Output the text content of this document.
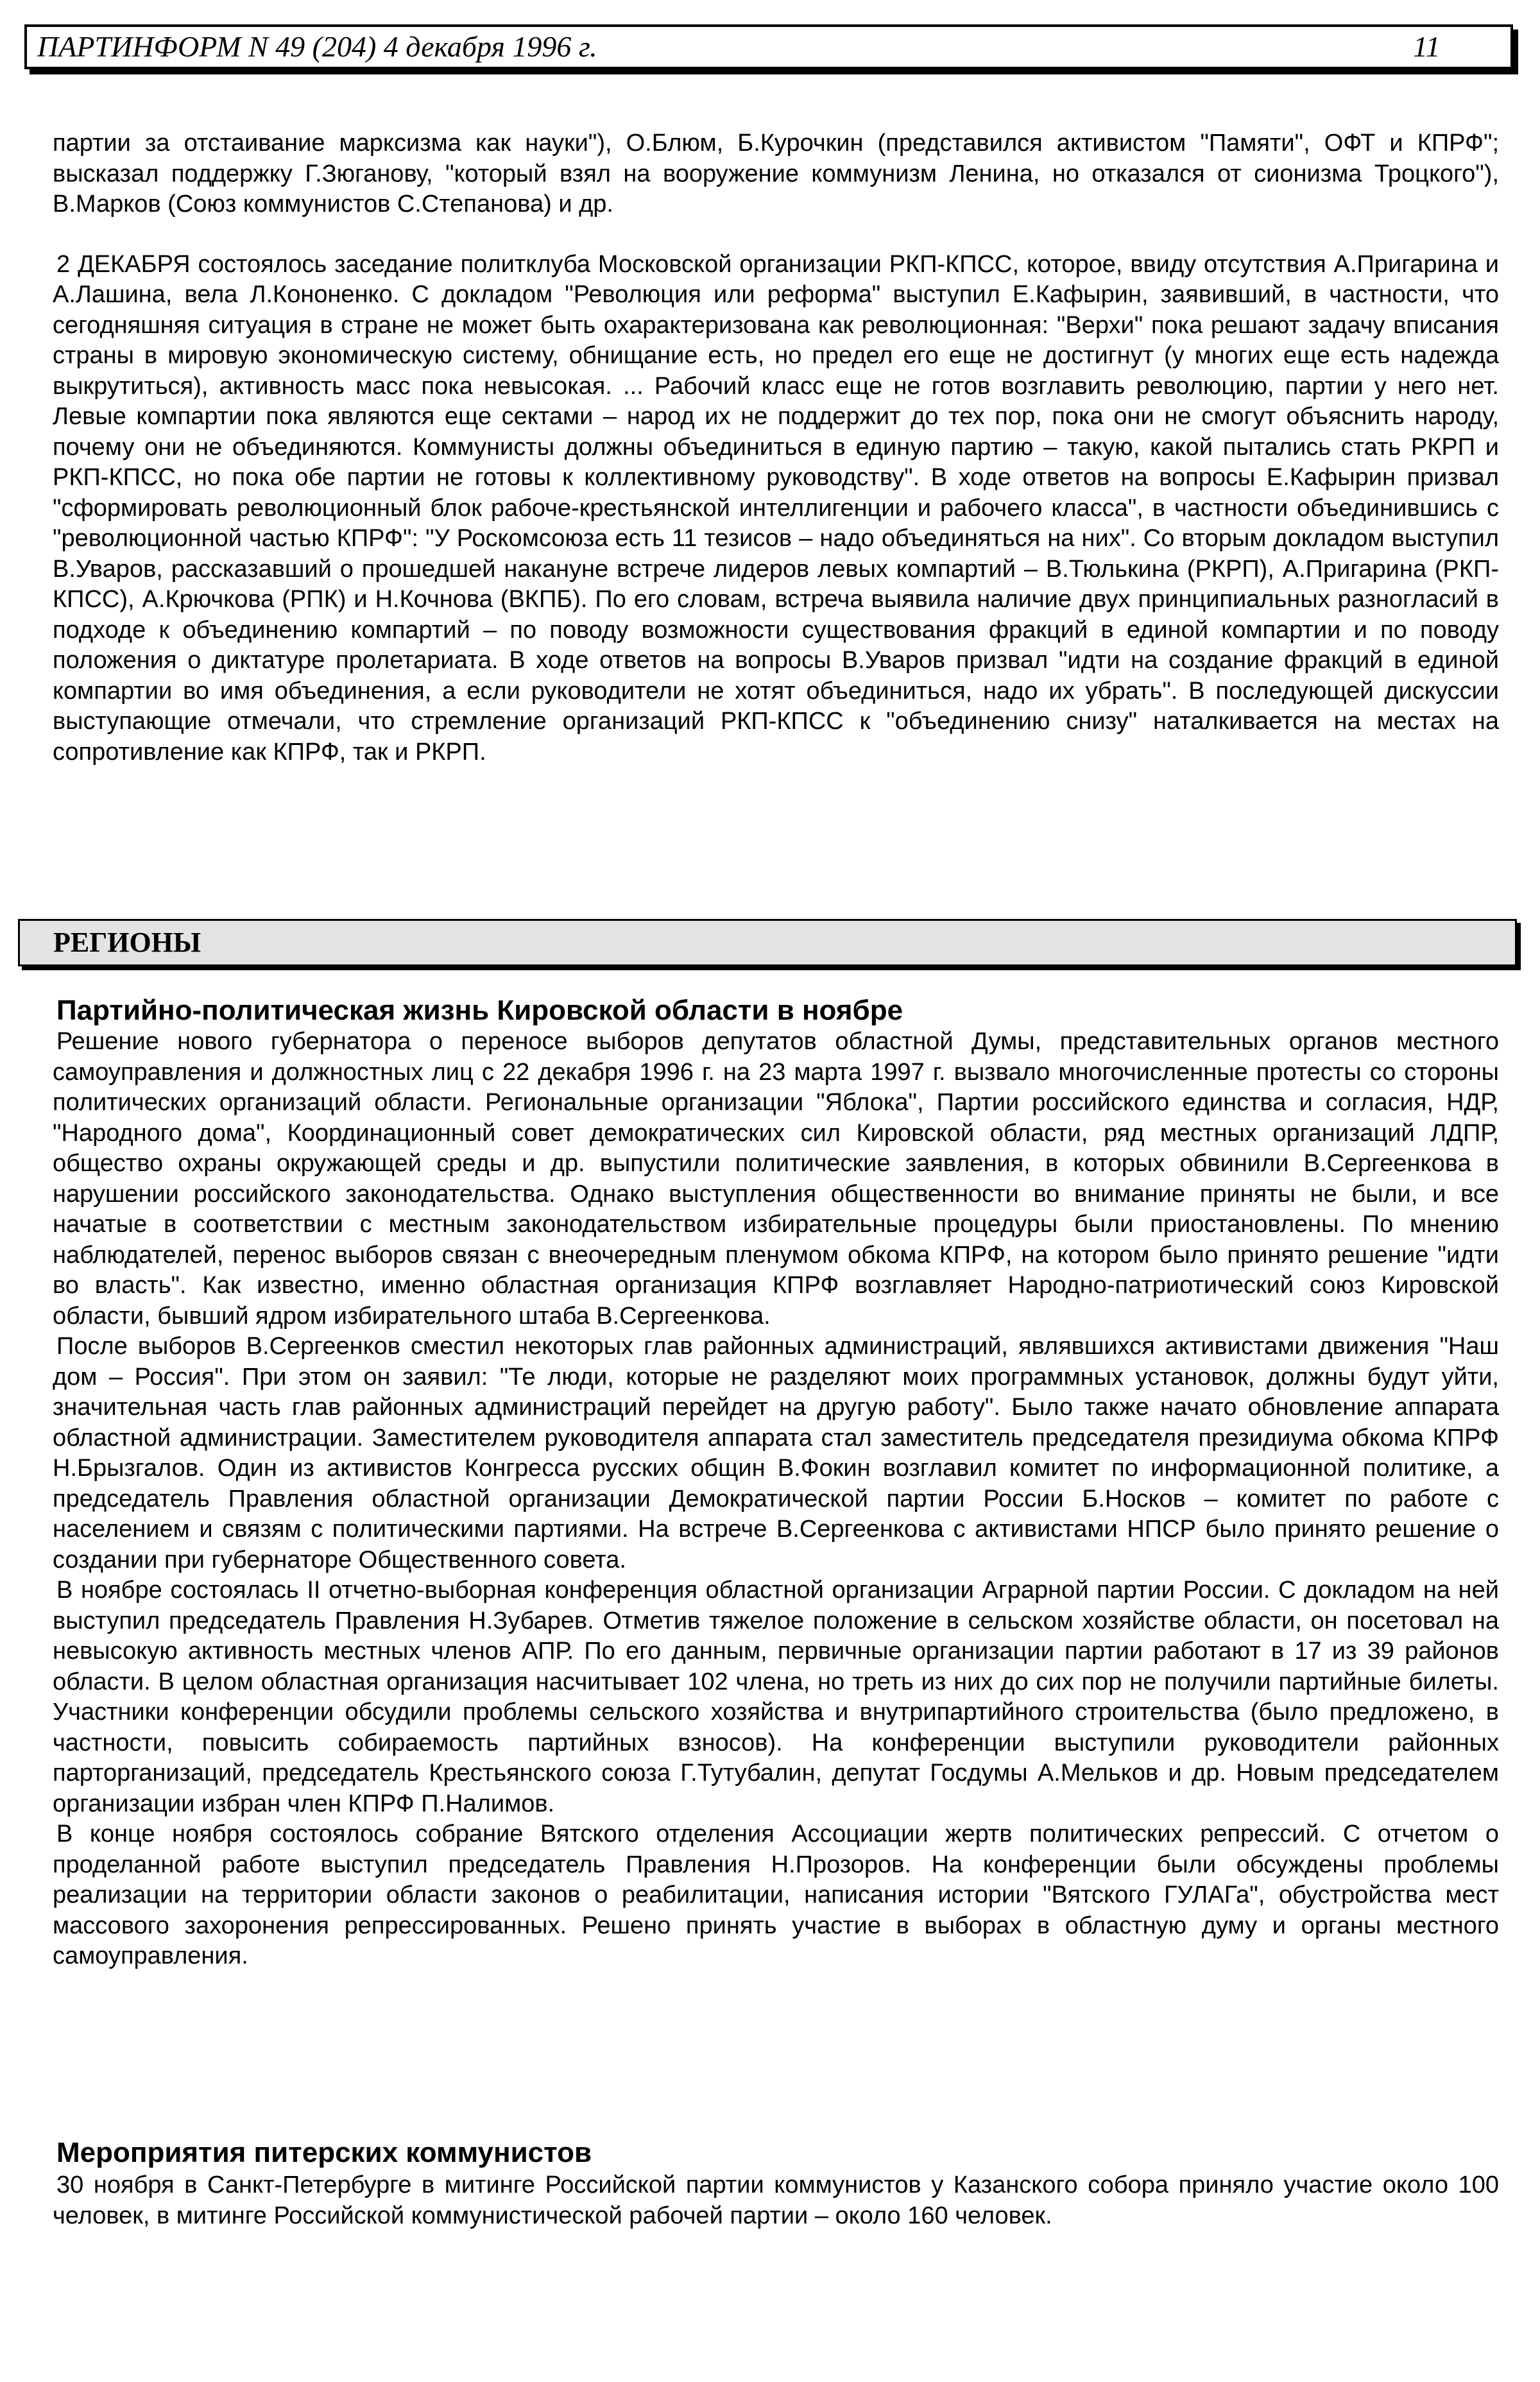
ПАРТИНФОРМ N 49 (204) 4 декабря 1996 г.	11

партии за отстаивание марксизма как науки"), О.Блюм, Б.Курочкин (представился активистом "Памяти", ОФТ и КПРФ"; высказал поддержку Г.Зюганову, "который взял на вооружение коммунизм Ленина, но отказался от сионизма Троцкого"), В.Марков (Союз коммунистов С.Степанова) и др.

2 ДЕКАБРЯ состоялось заседание политклуба Московской организации РКП-КПСС, которое, ввиду отсутствия А.Пригарина и А.Лашина, вела Л.Кононенко. С докладом "Революция или реформа" выступил Е.Кафырин, заявивший, в частности, что сегодняшняя ситуация в стране не может быть охарактеризована как революционная: "Верхи" пока решают задачу вписания страны в мировую экономическую систему, обнищание есть, но предел его еще не достигнут (у многих еще есть надежда выкрутиться), активность масс пока невысокая. ... Рабочий класс еще не готов возглавить революцию, партии у него нет. Левые компартии пока являются еще сектами – народ их не поддержит до тех пор, пока они не смогут объяснить народу, почему они не объединяются. Коммунисты должны объединиться в единую партию – такую, какой пытались стать РКРП и РКП-КПСС, но пока обе партии не готовы к коллективному руководству". В ходе ответов на вопросы Е.Кафырин призвал "сформировать революционный блок рабоче-крестьянской интеллигенции и рабочего класса", в частности объединившись с "революционной частью КПРФ": "У Роскомсоюза есть 11 тезисов – надо объединяться на них". Со вторым докладом выступил В.Уваров, рассказавший о прошедшей накануне встрече лидеров левых компартий – В.Тюлькина (РКРП), А.Пригарина (РКП-КПСС), А.Крючкова (РПК) и Н.Кочнова (ВКПБ). По его словам, встреча выявила наличие двух принципиальных разногласий в подходе к объединению компартий – по поводу возможности существования фракций в единой компартии и по поводу положения о диктатуре пролетариата. В ходе ответов на вопросы В.Уваров призвал "идти на создание фракций в единой компартии во имя объединения, а если руководители не хотят объединиться, надо их убрать". В последующей дискуссии выступающие отмечали, что стремление организаций РКП-КПСС к "объединению снизу" наталкивается на местах на сопротивление как КПРФ, так и РКРП.

РЕГИОНЫ
Партийно-политическая жизнь Кировской области в ноябре

Решение нового губернатора о переносе выборов депутатов областной Думы, представительных органов местного самоуправления и должностных лиц с 22 декабря 1996 г. на 23 марта 1997 г. вызвало многочисленные протесты со стороны политических организаций области. Региональные организации "Яблока", Партии российского единства и согласия, НДР, "Народного дома", Координационный совет демократических сил Кировской области, ряд местных организаций ЛДПР, общество охраны окружающей среды и др. выпустили политические заявления, в которых обвинили В.Сергеенкова в нарушении российского законодательства. Однако выступления общественности во внимание приняты не были, и все начатые в соответствии с местным законодательством избирательные процедуры были приостановлены. По мнению наблюдателей, перенос выборов связан с внеочередным пленумом обкома КПРФ, на котором было принято решение "идти во власть". Как известно, именно областная организация КПРФ возглавляет Народно-патриотический союз Кировской области, бывший ядром избирательного штаба В.Сергеенкова.

После выборов В.Сергеенков сместил некоторых глав районных администраций, являвшихся активистами движения "Наш дом – Россия". При этом он заявил: "Те люди, которые не разделяют моих программных установок, должны будут уйти, значительная часть глав районных администраций перейдет на другую работу". Было также начато обновление аппарата областной администрации. Заместителем руководителя аппарата стал заместитель председателя президиума обкома КПРФ Н.Брызгалов. Один из активистов Конгресса русских общин В.Фокин возглавил комитет по информационной политике, а председатель Правления областной организации Демократической партии России Б.Носков – комитет по работе с населением и связям с политическими партиями. На встрече В.Сергеенкова с активистами НПСР было принято решение о создании при губернаторе Общественного совета.

В ноябре состоялась II отчетно-выборная конференция областной организации Аграрной партии России. С докладом на ней выступил председатель Правления Н.Зубарев. Отметив тяжелое положение в сельском хозяйстве области, он посетовал на невысокую активность местных членов АПР. По его данным, первичные организации партии работают в 17 из 39 районов области. В целом областная организация насчитывает 102 члена, но треть из них до сих пор не получили партийные билеты. Участники конференции обсудили проблемы сельского хозяйства и внутрипартийного строительства (было предложено, в частности, повысить собираемость партийных взносов). На конференции выступили руководители районных парторганизаций, председатель Крестьянского союза Г.Тутубалин, депутат Госдумы А.Мельков и др. Новым председателем организации избран член КПРФ П.Налимов.

В конце ноября состоялось собрание Вятского отделения Ассоциации жертв политических репрессий. С отчетом о проделанной работе выступил председатель Правления Н.Прозоров. На конференции были обсуждены проблемы реализации на территории области законов о реабилитации, написания истории "Вятского ГУЛАГа", обустройства мест массового захоронения репрессированных. Решено принять участие в выборах в областную думу и органы местного самоуправления.

Мероприятия питерских коммунистов

30 ноября в Санкт-Петербурге в митинге Российской партии коммунистов у Казанского собора приняло участие около 100 человек, в митинге Российской коммунистической рабочей партии – около 160 человек.
